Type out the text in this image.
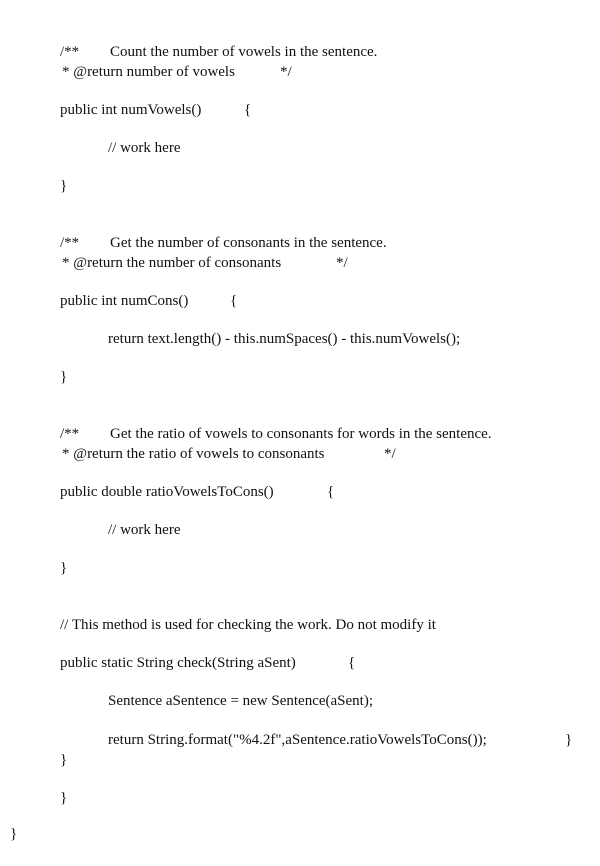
/** Count the number of vowels in the sentence.
* @return number of vowels	*/
public int numVowels()	{
// work here
}
/** Get the number of consonants in the sentence.
* @return the number of consonants	*/
public int numCons()	{
return text.length() - this.numSpaces() - this.numVowels();
}
/** Get the ratio of vowels to consonants for words in the sentence.
* @return the ratio of vowels to consonants	*/
public double ratioVowelsToCons()	{
// work here
}
// This method is used for checking the work. Do not modify it
public static String check(String aSent)	{
Sentence aSentence = new Sentence(aSent);
return String.format("%4.2f",aSentence.ratioVowelsToCons());	}
}
}
}
